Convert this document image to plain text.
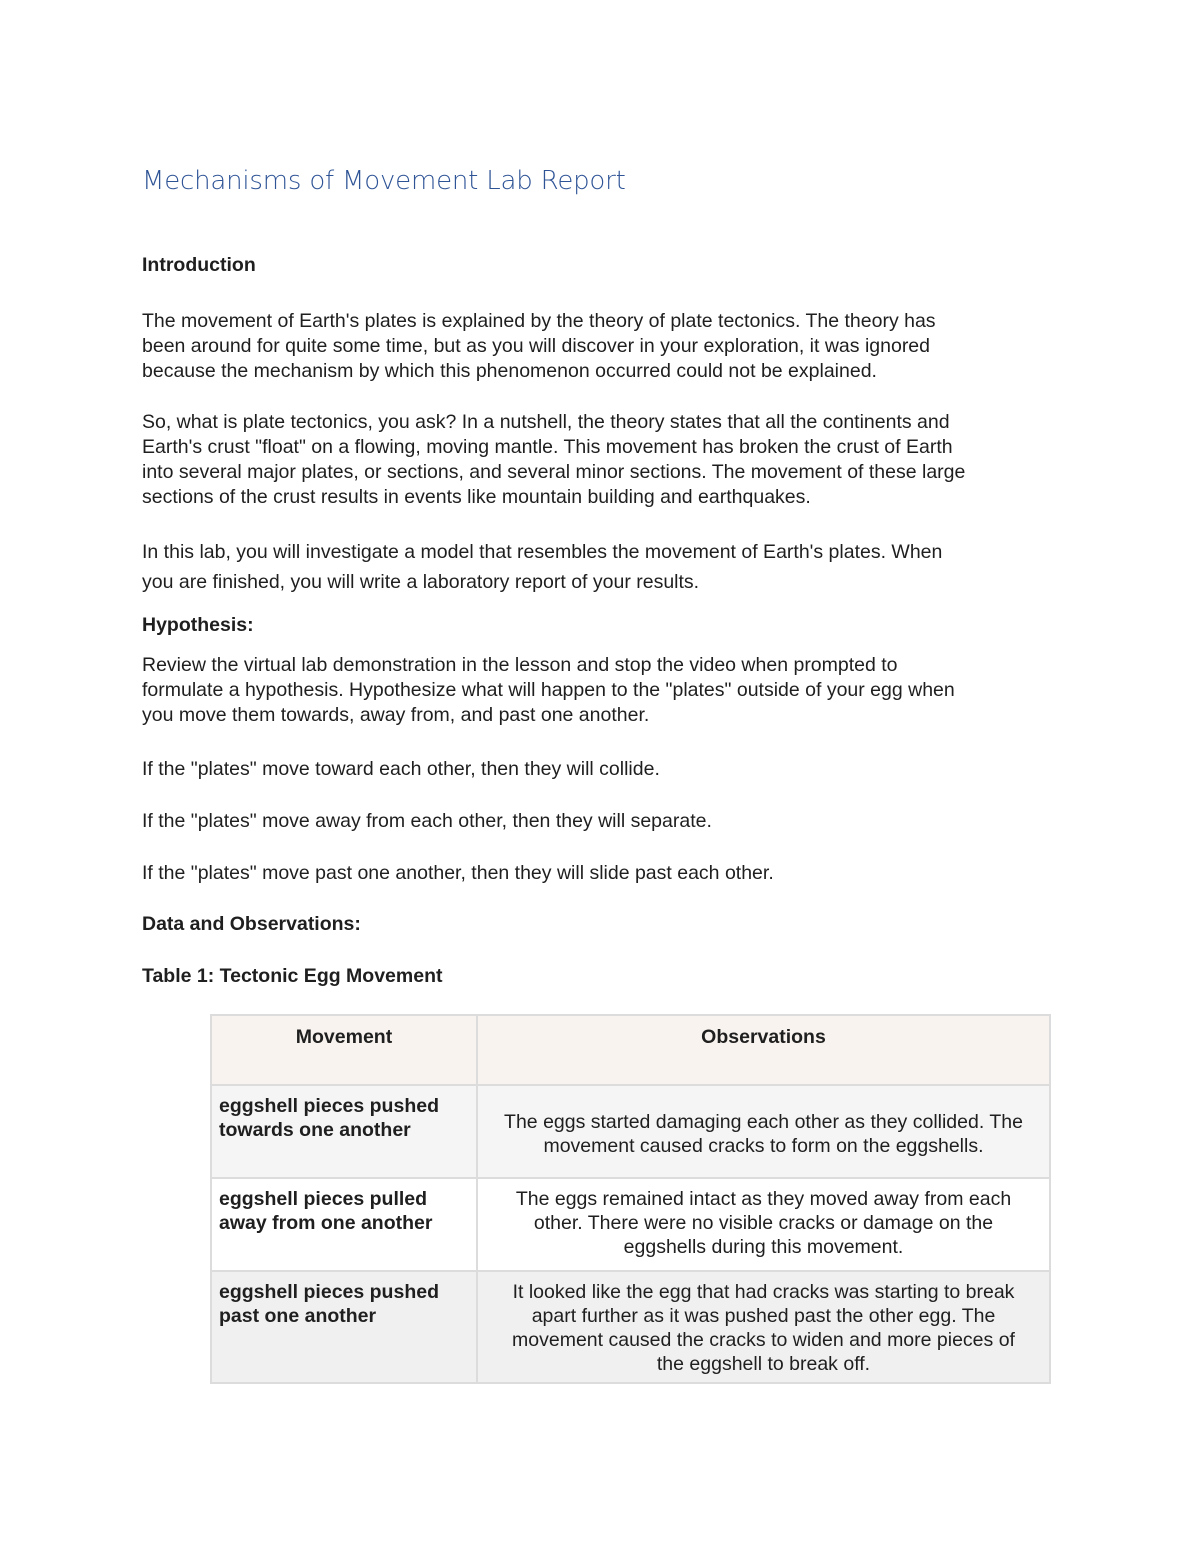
Mechanisms of Movement Lab Report
Introduction
The movement of Earth's plates is explained by the theory of plate tectonics. The theory has
been around for quite some time, but as you will discover in your exploration, it was ignored
because the mechanism by which this phenomenon occurred could not be explained.
So, what is plate tectonics, you ask? In a nutshell, the theory states that all the continents and
Earth's crust "float" on a flowing, moving mantle. This movement has broken the crust of Earth
into several major plates, or sections, and several minor sections. The movement of these large
sections of the crust results in events like mountain building and earthquakes.
In this lab, you will investigate a model that resembles the movement of Earth's plates. When
you are finished, you will write a laboratory report of your results.
Hypothesis:
Review the virtual lab demonstration in the lesson and stop the video when prompted to
formulate a hypothesis. Hypothesize what will happen to the "plates" outside of your egg when
you move them towards, away from, and past one another.
If the "plates" move toward each other, then they will collide.
If the "plates" move away from each other, then they will separate.
If the "plates" move past one another, then they will slide past each other.
Data and Observations:
Table 1: Tectonic Egg Movement
Movement	Observations

eggshell pieces pushed
towards one another	The eggs started damaging each other as they collided. The
movement caused cracks to form on the eggshells.

eggshell pieces pulled
away from one another	The eggs remained intact as they moved away from each
other. There were no visible cracks or damage on the
eggshells during this movement.

eggshell pieces pushed
past one another	It looked like the egg that had cracks was starting to break
apart further as it was pushed past the other egg. The
movement caused the cracks to widen and more pieces of
the eggshell to break off.
